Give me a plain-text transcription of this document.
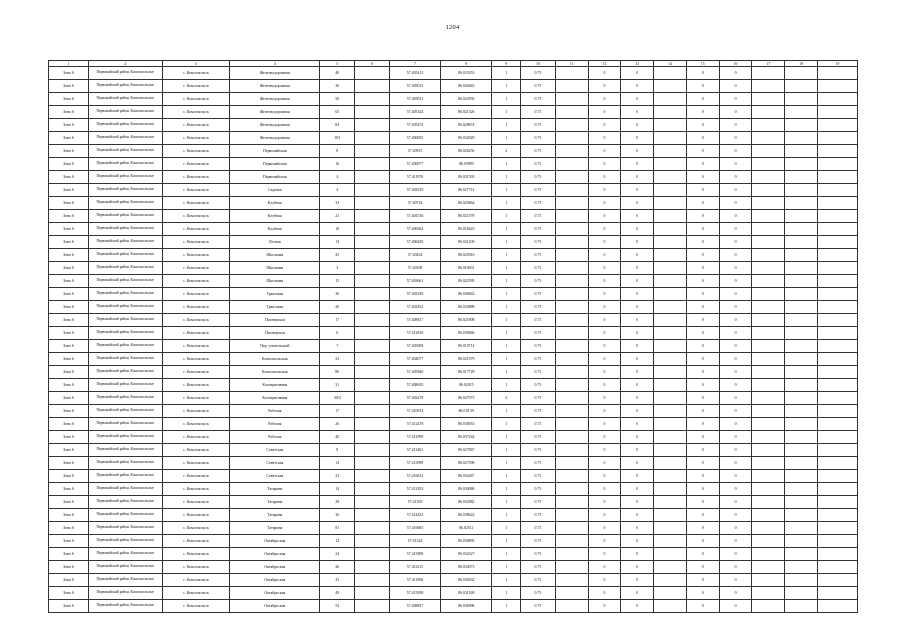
1204
1	2	3	4	5	6	7	8	9	10	11	12	13	14	15	16	17	18	19
Зона 6	Первомайский район, Комсомольское	с. Комсомольск	Железнодорожная	40		57.405413	86.033353	1	0.75		0	0		0	0			
Зона 6	Первомайский район, Комсомольское	с. Комсомольск	Железнодорожная	30		57.405015	86.026463	1	0.75		0	0		0	0			
Зона 6	Первомайский район, Комсомольское	с. Комсомольск	Железнодорожная	56		57.405011	86.024592	1	0.75		0	0		0	0			
Зона 6	Первомайский район, Комсомольское	с. Комсомольск	Железнодорожная	65		57.405324	86.021326	1	0.75		0	0		0	0			
Зона 6	Первомайский район, Комсомольское	с. Комсомольск	Железнодорожная	84		57.405474	86.028674	1	0.75		0	0		0	0			
Зона 6	Первомайский район, Комсомольское	с. Комсомольск	Железнодорожная	103		57.406955	86.032029	1	0.75		0	0		0	0			
Зона 6	Первомайский район, Комсомольское	с. Комсомольск	Первомайская	8		57.40915	86.026256	2	0.75		0	0		0	0			
Зона 6	Первомайский район, Комсомольское	с. Комсомольск	Первомайская	16		57.406977	86.03999	1	0.75		0	0		0	0			
Зона 6	Первомайский район, Комсомольское	с. Комсомольск	Первомайская	4		57.411976	86.031593	1	0.75		0	0		0	0			
Зона 6	Первомайский район, Комсомольское	с. Комсомольск	Садовая	4		57.402919	86.027714	1	0.75		0	0		0	0			
Зона 6	Первомайский район, Комсомольское	с. Комсомольск	Клубная	33		57.40724	86.025664	1	0.75		0	0		0	0			
Зона 6	Первомайский район, Комсомольское	с. Комсомольск	Клубная	21		57.404726	86.021578	1	0.75		0	0		0	0			
Зона 6	Первомайский район, Комсомольское	с. Комсомольск	Клубная	10		57.406364	86.018423	1	0.75		0	0		0	0			
Зона 6	Первомайский район, Комсомольское	с. Комсомольск	Лесная	13		57.406459	86.021108	1	0.75		0	0		0	0			
Зона 6	Первомайский район, Комсомольское	с. Комсомольск	Школьная	25		57.40434	86.025816	1	0.75		0	0		0	0			
Зона 6	Первомайский район, Комсомольское	с. Комсомольск	Школьная	3		57.40198	86.019631	1	0.75		0	0		0	0			
Зона 6	Первомайский район, Комсомольское	с. Комсомольск	Школьная	15		57.403661	86.022595	1	0.75		0	0		0	0			
Зона 6	Первомайский район, Комсомольское	с. Комсомольск	Трактовая	36		57.402339	86.036842	1	0.75		0	0		0	0			
Зона 6	Первомайский район, Комсомольское	с. Комсомольск	Трактовая	20		57.402452	86.034888	1	0.75		0	0		0	0			
Зона 6	Первомайский район, Комсомольское	с. Комсомольск	Пионерская	17		57.408817	86.021808	1	0.75		0	0		0	0			
Зона 6	Первомайский район, Комсомольское	с. Комсомольск	Пионерская	6		57.412816	86.039666	1	0.75		0	0		0	0			
Зона 6	Первомайский район, Комсомольское	с. Комсомольск	Пер. учительский	7		57.405008	86.019714	1	0.75		0	0		0	0			
Зона 6	Первомайский район, Комсомольское	с. Комсомольск	Комсомольская	23		57.404077	86.021079	1	0.75		0	0		0	0			
Зона 6	Первомайский район, Комсомольское	с. Комсомольск	Комсомольская	86		57.405846	86.017728	1	0.75		0	0		0	0			
Зона 6	Первомайский район, Комсомольское	с. Комсомольск	Кооперативная	31		57.408635	86.02015	1	0.75		0	0		0	0			
Зона 6	Первомайский район, Комсомольское	с. Комсомольск	Кооперативная	30/4		57.402478	86.027073	2	0.75		0	0		0	0			
Зона 6	Первомайский район, Комсомольское	с. Комсомольск	Рабочая	17		57.410814	86.018.39	1	0.75		0	0		0	0			
Зона 6	Первомайский район, Комсомольское	с. Комсомольск	Рабочая	26		57.412478	86.030053	1	0.75		0	0		0	0			
Зона 6	Первомайский район, Комсомольское	с. Комсомольск	Рабочая	40		57.412999	86.037244	1	0.75		0	0		0	0			
Зона 6	Первомайский район, Комсомольское	с. Комсомольск	Советская	8		57.413401	86.027867	1	0.75		0	0		0	0			
Зона 6	Первомайский район, Комсомольское	с. Комсомольск	Советская	13		57.415098	86.027508	1	0.75		0	0		0	0			
Зона 6	Первомайский район, Комсомольское	с. Комсомольск	Советская	23		57.416812	86.032467	1	0.75		0	0		0	0			
Зона 6	Первомайский район, Комсомольское	с. Комсомольск	Татарина	14		57.413353	86.034086	1	0.75		0	0		0	0			
Зона 6	Первомайский район, Комсомольское	с. Комсомольск	Татарина	28		57.41393	86.032882	1	0.75		0	0		0	0			
Зона 6	Первомайский район, Комсомольское	с. Комсомольск	Татарина	36		57.414433	86.038622	1	0.75		0	0		0	0			
Зона 6	Первомайский район, Комсомольское	с. Комсомольск	Татарина	81		57.416665	86.02511	1	0.75		0	0		0	0			
Зона 6	Первомайский район, Комсомольское	с. Комсомольск	Октябрьская	12		57.41324	86.038893	1	0.75		0	0		0	0			
Зона 6	Первомайский район, Комсомольское	с. Комсомольск	Октябрьская	24		57.415908	86.032327	1	0.75		0	0		0	0			
Зона 6	Первомайский район, Комсомольское	с. Комсомольск	Октябрьская	26		57.416115	86.034073	1	0.75		0	0		0	0			
Зона 6	Первомайский район, Комсомольское	с. Комсомольск	Октябрьская	35		57.411906	86.030432	1	0.75		0	0		0	0			
Зона 6	Первомайский район, Комсомольское	с. Комсомольск	Октябрьская	49		57.415938	86.031168	1	0.75		0	0		0	0			
Зона 6	Первомайский район, Комсомольское	с. Комсомольск	Октябрьская	52		57.408827	86.036996	1	0.75		0	0		0	0			
